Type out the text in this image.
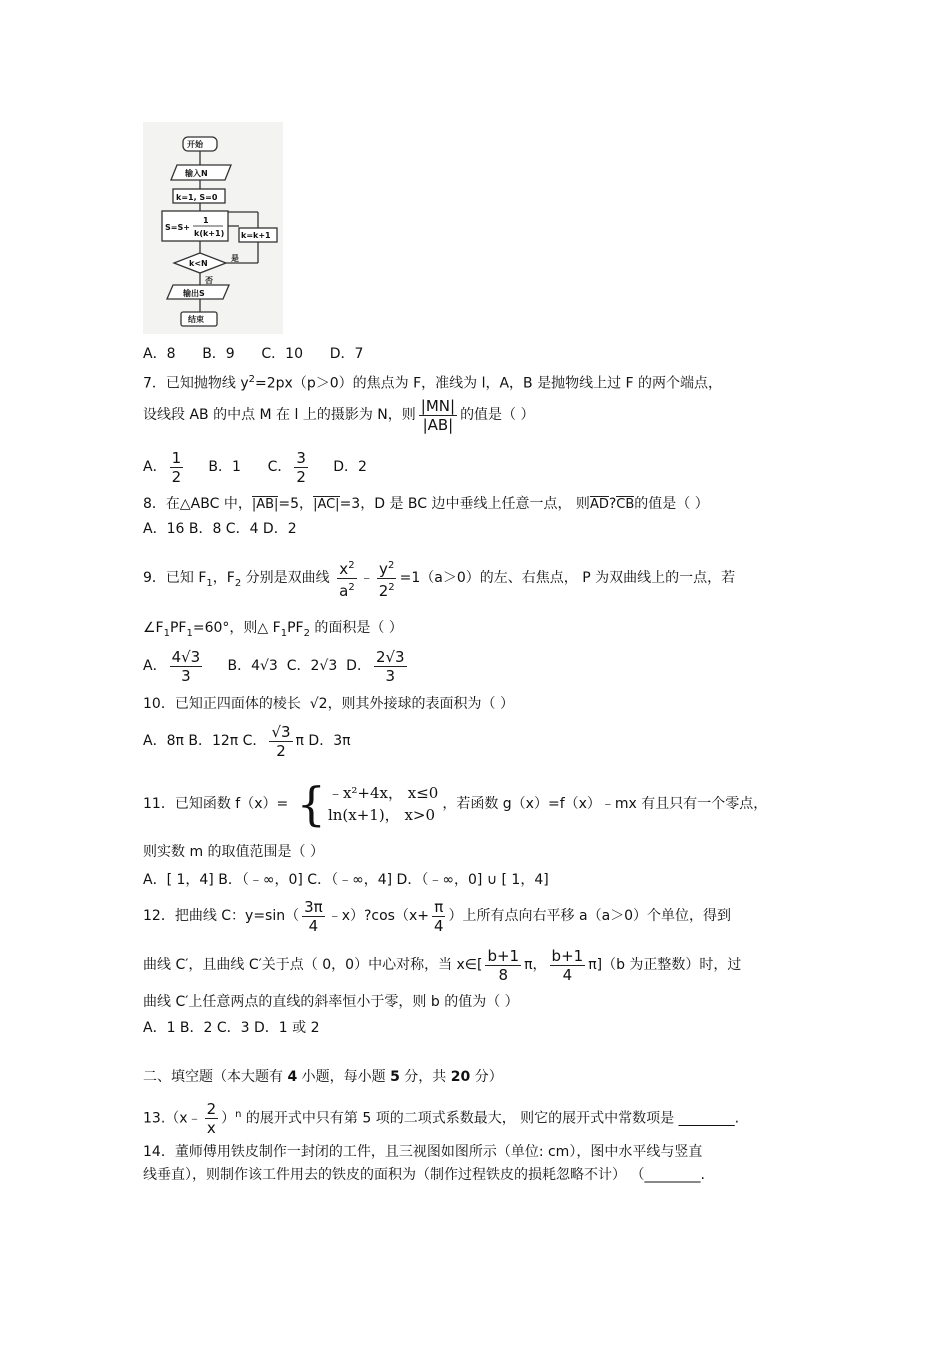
开始
输入N
k=1, S=0
S=S+
1
k(k+1) k=k+1
k<N
是
否
输出S
结束
A．8 B．9 C．10 D．7
7．已知抛物线 $y^2=2px(p>0)$的焦点为 F，准线为 l，A，B 是抛物线上过 F 的两个端点，
设线段 AB 的中点 M 在 l 上的摄影为 N，则 $\frac{|MN|}{|AB|}$ 的值是（ ）
A． $\frac{1}{2}$ B．1 C． $\frac{3}{2}$ D．2
8．在△ABC 中，|AB|=5，|AC|=3，D 是 BC 边中垂线上任意一点， 则AD?CB的值是（ ）
A．16 B．8 C．4 D．2
9．已知 $F_1$，$F_2$ 分别是双曲线 $\frac{x^2}{a^2}$ ﹣ $\frac{y^2}{2^2} =1(a>0)$的左、右焦点， P 为双曲线上的一点，若
$\angle F_1PF_1=60^\circ$，则△ $F_1PF_2$ 的面积是（ ）
A． $\frac{4√3}{3}$ B．4√3 C．2√3 D． $\frac{2√3}{3}$
10．已知正四面体的棱长 √2，则其外接球的表面积为（ ）
A．8π B．12π C． $\frac{√3}{2}$ π D．3π
11．已知函数 f（x）= { ﹣x²+4x， x≤0
ln(x+1)， x>0
，若函数 g（x）=f（x）﹣mx 有且只有一个零点，
则实数 m 的取值范围是（ ）
A．[ 1，4] B．（﹣∞，0] C．（﹣∞，4] D．（﹣∞，0] ∪ [ 1，4]
12．把曲线 C：$y=\sin( \frac{3\pi}{4}$ ﹣x）?cos（x+ $\frac{\pi}{4}$ ）上所有点向右平移 a（a＞0）个单位，得到
曲线 C′，且曲线 C′关于点（ 0，0）中心对称，当 x∈[ $\frac{b+1}{8}$ π， $\frac{b+1}{4} \pi](b$ 为正整数）时，过
曲线 C′上任意两点的直线的斜率恒小于零，则 b 的值为（ ）
A．1 B．2 C．3 D．1 或 2
二、填空题（本大题有 4 小题，每小题 5 分，共 20 分）
13.（x﹣ $\frac{2}{x} )^n$ 的展开式中只有第 5 项的二项式系数最大， 则它的展开式中常数项是 ________.
14．董师傅用铁皮制作一封闭的工件，且三视图如图所示（单位: cm），图中水平线与竖直
线垂直），则制作该工件用去的铁皮的面积为（制作过程铁皮的损耗忽略不计） （________.
